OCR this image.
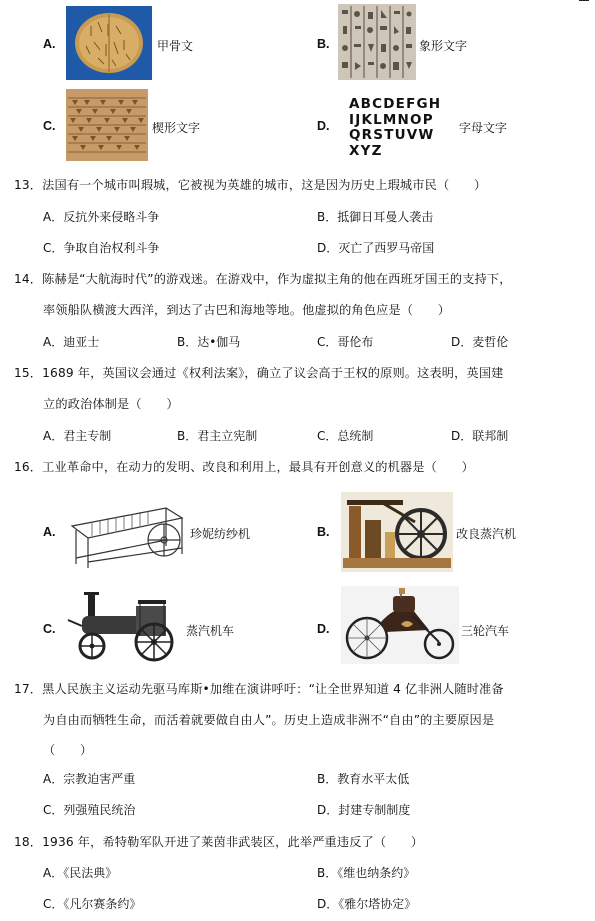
A.	甲骨文	B.	象形文字
C.	楔形文字	D.
ABCDEFGH
IJKLMNOP
QRSTUVW
XYZ
字母文字
13．法国有一个城市叫瑕城，它被视为英雄的城市，这是因为历史上瑕城市民（　　）
A．反抗外来侵略斗争	B．抵御日耳曼人袭击
C．争取自治权利斗争	D．灭亡了西罗马帝国
14．陈赫是“大航海时代”的游戏迷。在游戏中，作为虚拟主角的他在西班牙国王的支持下，
率领船队横渡大西洋，到达了古巴和海地等地。他虚拟的角色应是（　　）
A．迪亚士	B．达•伽马	C．哥伦布	D．麦哲伦
15．1689 年，英国议会通过《权利法案》，确立了议会高于王权的原则。这表明，英国建
立的政治体制是（　　）
A．君主专制	B．君主立宪制	C．总统制	D．联邦制
16．工业革命中，在动力的发明、改良和利用上，最具有开创意义的机器是（　　）
A.	珍妮纺纱机	B.	改良蒸汽机
C.	蒸汽机车	D.	三轮汽车
17．黑人民族主义运动先驱马库斯•加维在演讲呼吁：“让全世界知道 4 亿非洲人随时准备
为自由而牺牲生命，而活着就要做自由人”。历史上造成非洲不“自由”的主要原因是
（　　）
A．宗教迫害严重	B．教育水平太低
C．列强殖民统治	D．封建专制制度
18．1936 年，希特勒军队开进了莱茵非武装区，此举严重违反了（　　）
A．《民法典》	B．《维也纳条约》
C．《凡尔赛条约》	D．《雅尔塔协定》
